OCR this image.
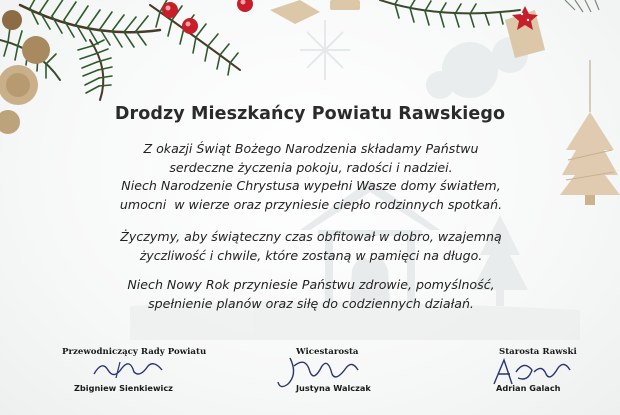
Drodzy Mieszkańcy Powiatu Rawskiego
Z okazji Świąt Bożego Narodzenia składamy Państwu
serdeczne życzenia pokoju, radości i nadziei.
Niech Narodzenie Chrystusa wypełni Wasze domy światłem,
umocni  w wierze oraz przyniesie ciepło rodzinnych spotkań.
Życzymy, aby świąteczny czas obfitował w dobro, wzajemną
życzliwość i chwile, które zostaną w pamięci na długo.
Niech Nowy Rok przyniesie Państwu zdrowie, pomyślność,
spełnienie planów oraz siłę do codziennych działań.
Przewodniczący Rady Powiatu
Zbigniew Sienkiewicz
Wicestarosta
Justyna Walczak
Starosta Rawski
Adrian Galach
